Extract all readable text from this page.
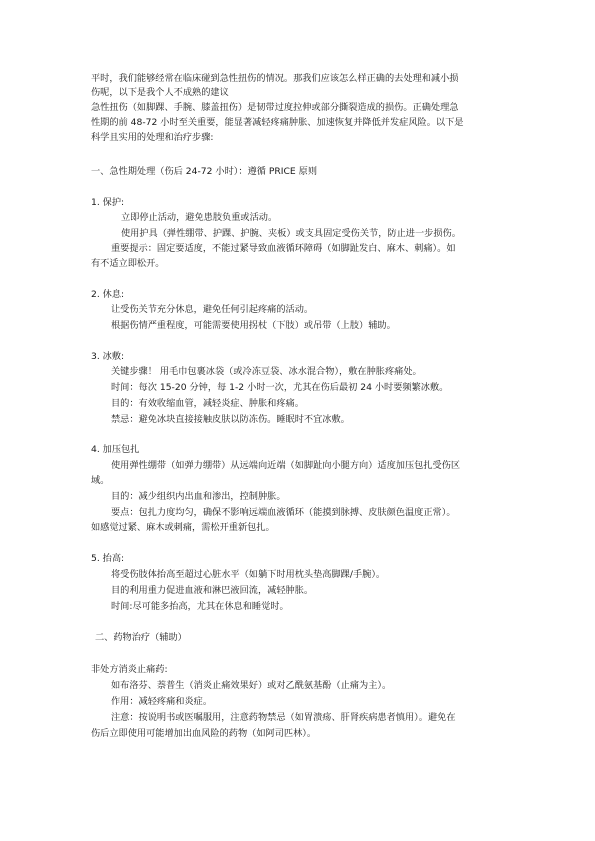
平时，我们能够经常在临床碰到急性扭伤的情况。那我们应该怎么样正确的去处理和减小损
伤呢，以下是我个人不成熟的建议
急性扭伤（如脚踝、手腕、膝盖扭伤）是韧带过度拉伸或部分撕裂造成的损伤。正确处理急
性期的前 48-72 小时至关重要，能显著减轻疼痛肿胀、加速恢复并降低并发症风险。以下是
科学且实用的处理和治疗步骤:
一、急性期处理（伤后 24-72 小时）：遵循 PRICE 原则
1. 保护:
立即停止活动，避免患肢负重或活动。
使用护具（弹性绷带、护踝、护腕、夹板）或支具固定受伤关节，防止进一步损伤。
重要提示：固定要适度，不能过紧导致血液循环障碍（如脚趾发白、麻木、刺痛）。如
有不适立即松开。
2. 休息:
让受伤关节充分休息，避免任何引起疼痛的活动。
根据伤情严重程度，可能需要使用拐杖（下肢）或吊带（上肢）辅助。
3. 冰敷:
关键步骤！ 用毛巾包裹冰袋（或冷冻豆袋、冰水混合物），敷在肿胀疼痛处。
时间：每次 15-20 分钟，每 1-2 小时一次，尤其在伤后最初 24 小时要频繁冰敷。
目的：有效收缩血管，减轻炎症、肿胀和疼痛。
禁忌：避免冰块直接接触皮肤以防冻伤。睡眠时不宜冰敷。
4. 加压包扎
使用弹性绷带（如弹力绷带）从远端向近端（如脚趾向小腿方向）适度加压包扎受伤区
域。
目的：减少组织内出血和渗出，控制肿胀。
要点：包扎力度均匀，确保不影响远端血液循环（能摸到脉搏、皮肤颜色温度正常）。
如感觉过紧、麻木或刺痛，需松开重新包扎。
5. 抬高:
将受伤肢体抬高至超过心脏水平（如躺下时用枕头垫高脚踝/手腕）。
目的利用重力促进血液和淋巴液回流，减轻肿胀。
时间:尽可能多抬高，尤其在休息和睡觉时。
二、药物治疗（辅助）
非处方消炎止痛药:
如布洛芬、萘普生（消炎止痛效果好）或对乙酰氨基酚（止痛为主）。
作用：减轻疼痛和炎症。
注意：按说明书或医嘱服用，注意药物禁忌（如胃溃疡、肝肾疾病患者慎用）。避免在
伤后立即使用可能增加出血风险的药物（如阿司匹林）。
